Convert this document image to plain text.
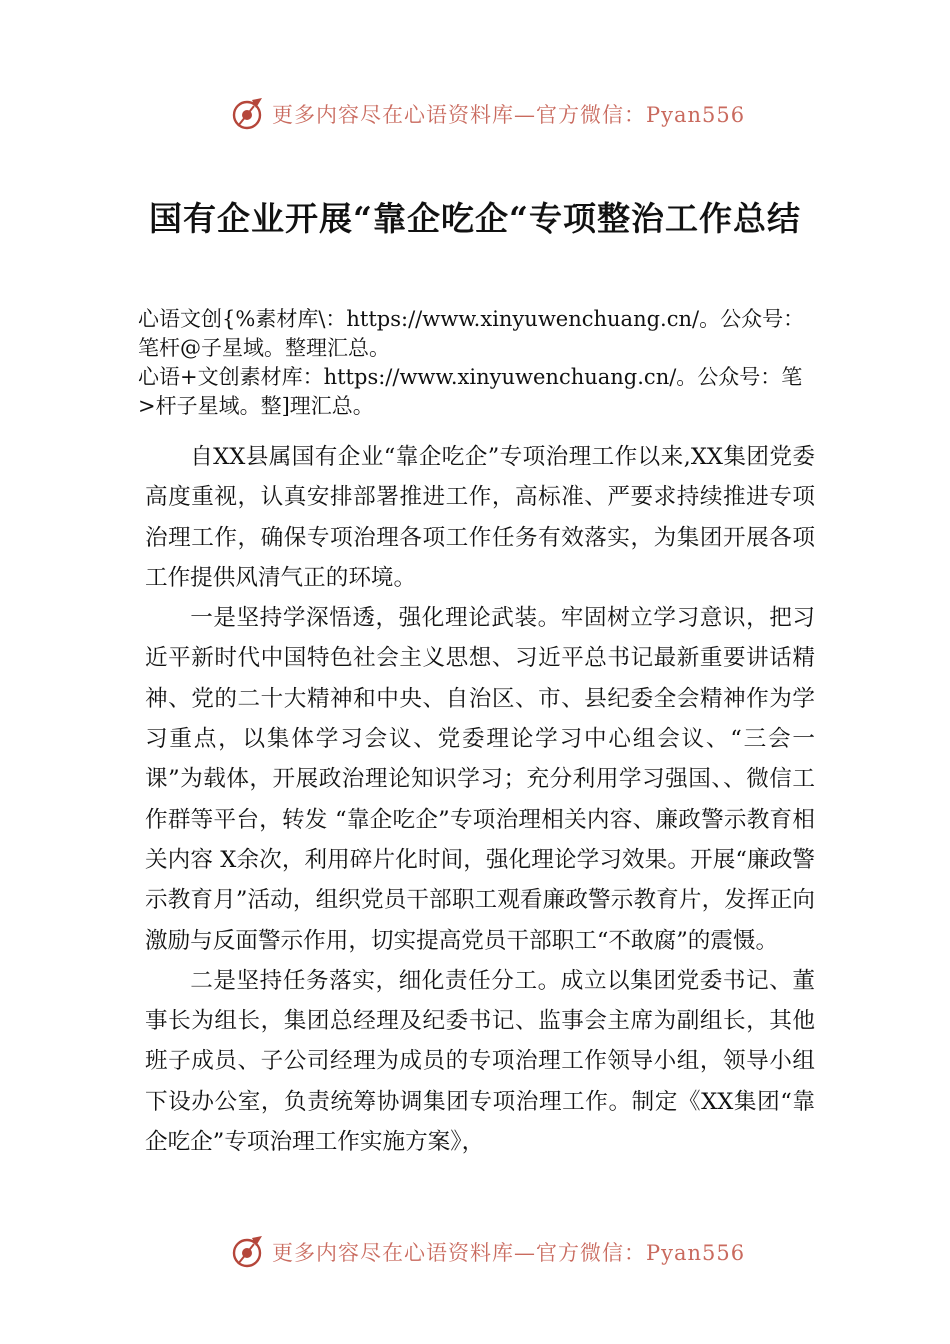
更多内容尽在心语资料库—官方微信：Pyan556
国有企业开展“靠企吃企“专项整治工作总结
心语文创{%素材库\：https://www.xinyuwenchuang.cn/。公众号：笔杆@子星域。整理汇总。
心语+文创素材库：https://www.xinyuwenchuang.cn/。公众号：笔>杆子星域。整]理汇总。

自XX县属国有企业“靠企吃企”专项治理工作以来,XX集团党委高度重视，认真安排部署推进工作，高标准、严要求持续推进专项治理工作，确保专项治理各项工作任务有效落实，为集团开展各项工作提供风清气正的环境。

一是坚持学深悟透，强化理论武装。牢固树立学习意识，把习近平新时代中国特色社会主义思想、习近平总书记最新重要讲话精神、党的二十大精神和中央、自治区、市、县纪委全会精神作为学习重点，以集体学习会议、党委理论学习中心组会议、“三会一课”为载体，开展政治理论知识学习；充分利用学习强国、、微信工作群等平台，转发 “靠企吃企”专项治理相关内容、廉政警示教育相关内容 X余次，利用碎片化时间，强化理论学习效果。开展“廉政警示教育月”活动，组织党员干部职工观看廉政警示教育片，发挥正向激励与反面警示作用，切实提高党员干部职工“不敢腐”的震慑。

二是坚持任务落实，细化责任分工。成立以集团党委书记、董事长为组长，集团总经理及纪委书记、监事会主席为副组长，其他班子成员、子公司经理为成员的专项治理工作领导小组，领导小组下设办公室，负责统筹协调集团专项治理工作。制定《XX集团“靠企吃企”专项治理工作实施方案》，

更多内容尽在心语资料库—官方微信：Pyan556
